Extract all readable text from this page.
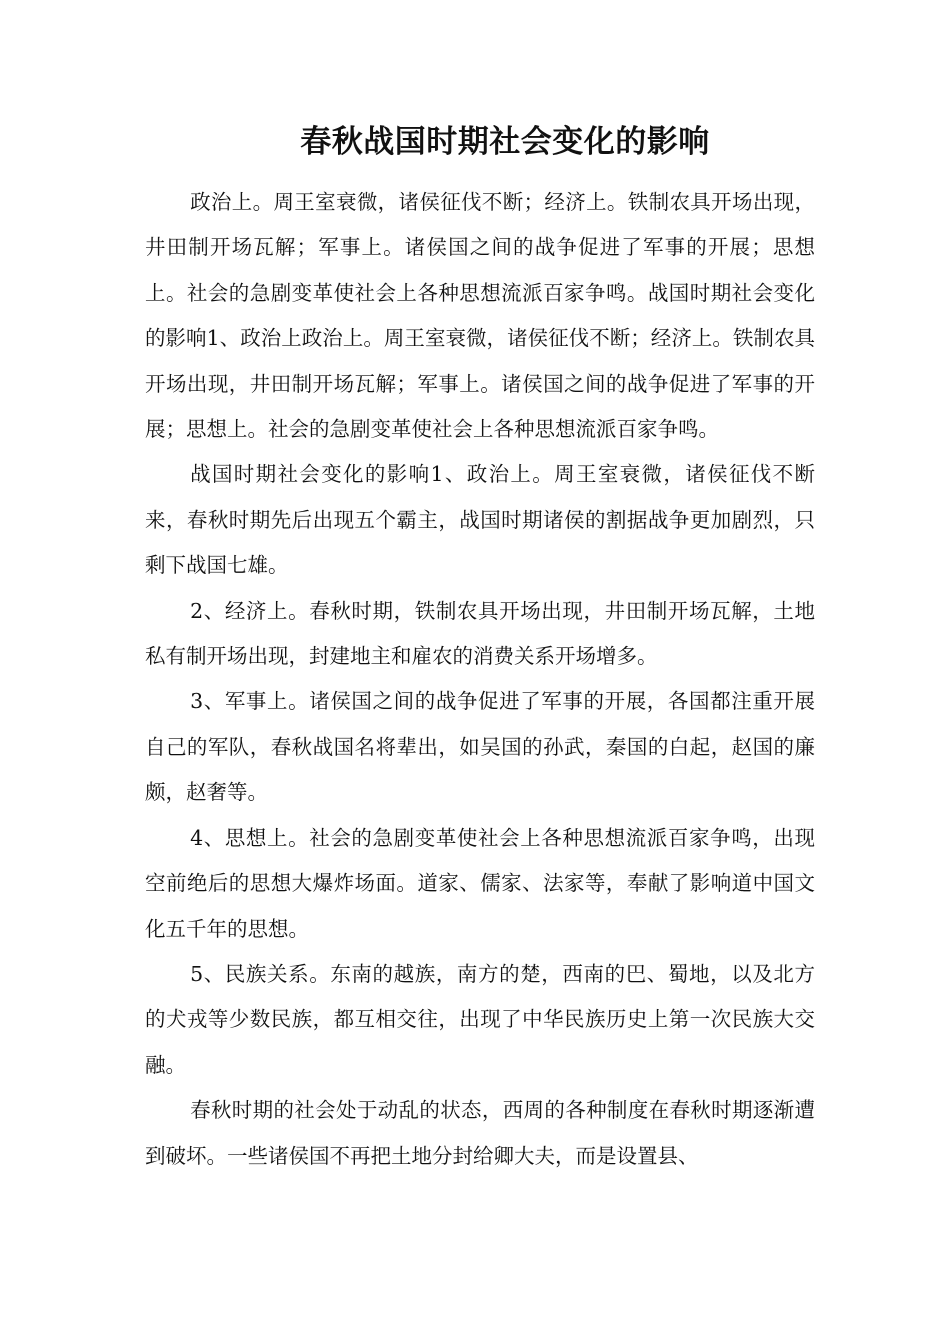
春秋战国时期社会变化的影响

政治上。周王室衰微，诸侯征伐不断；经济上。铁制农具开场出现，井田制开场瓦解；军事上。诸侯国之间的战争促进了军事的开展；思想上。社会的急剧变革使社会上各种思想流派百家争鸣。战国时期社会变化的影响1、政治上政治上。周王室衰微，诸侯征伐不断；经济上。铁制农具开场出现，井田制开场瓦解；军事上。诸侯国之间的战争促进了军事的开展；思想上。社会的急剧变革使社会上各种思想流派百家争鸣。

战国时期社会变化的影响1、政治上。周王室衰微，诸侯征伐不断来，春秋时期先后出现五个霸主，战国时期诸侯的割据战争更加剧烈，只剩下战国七雄。

2、经济上。春秋时期，铁制农具开场出现，井田制开场瓦解，土地私有制开场出现，封建地主和雇农的消费关系开场增多。

3、军事上。诸侯国之间的战争促进了军事的开展，各国都注重开展自己的军队，春秋战国名将辈出，如吴国的孙武，秦国的白起，赵国的廉颇，赵奢等。

4、思想上。社会的急剧变革使社会上各种思想流派百家争鸣，出现空前绝后的思想大爆炸场面。道家、儒家、法家等，奉献了影响道中国文化五千年的思想。

5、民族关系。东南的越族，南方的楚，西南的巴、蜀地，以及北方的犬戎等少数民族，都互相交往，出现了中华民族历史上第一次民族大交融。

春秋时期的社会处于动乱的状态，西周的各种制度在春秋时期逐渐遭到破坏。一些诸侯国不再把土地分封给卿大夫，而是设置县、
